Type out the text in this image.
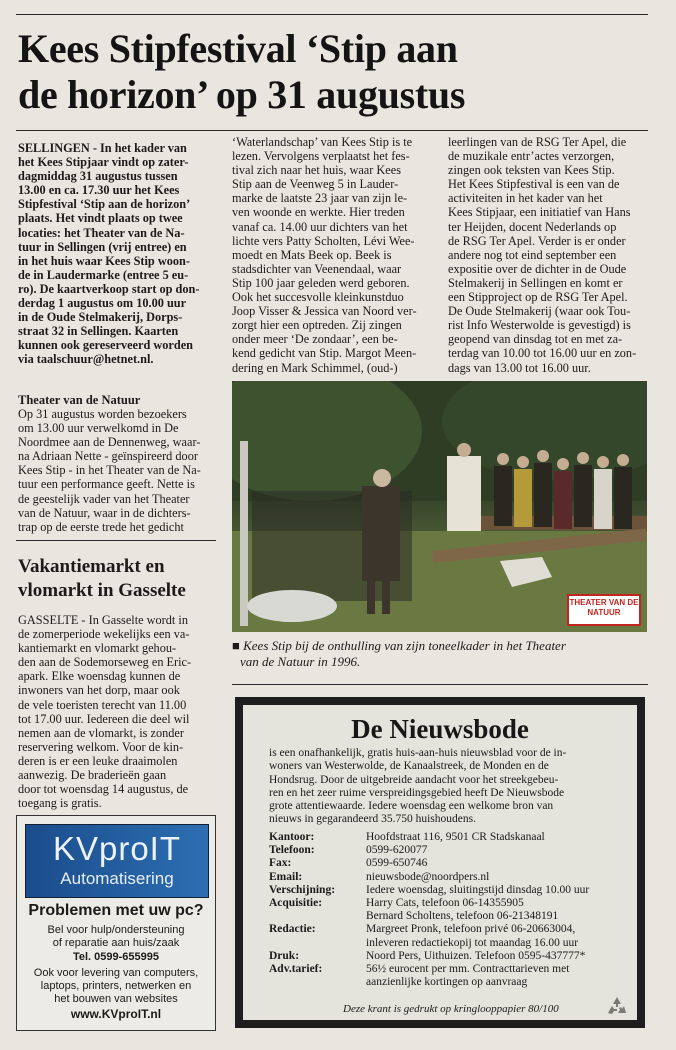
Kees Stipfestival ‘Stip aan
de horizon’ op 31 augustus
SELLINGEN - In het kader van
het Kees Stipjaar vindt op zater-
dagmiddag 31 augustus tussen
13.00 en ca. 17.30 uur het Kees
Stipfestival ‘Stip aan de horizon’
plaats. Het vindt plaats op twee
locaties: het Theater van de Na-
tuur in Sellingen (vrij entree) en
in het huis waar Kees Stip woon-
de in Laudermarke (entree 5 eu-
ro). De kaartverkoop start op don-
derdag 1 augustus om 10.00 uur
in de Oude Stelmakerij, Dorps-
straat 32 in Sellingen. Kaarten
kunnen ook gereserveerd worden
via taalschuur@hetnet.nl.
Theater van de Natuur
Op 31 augustus worden bezoekers
om 13.00 uur verwelkomd in De
Noordmee aan de Dennenweg, waar-
na Adriaan Nette - geïnspireerd door
Kees Stip - in het Theater van de Na-
tuur een performance geeft. Nette is
de geestelijk vader van het Theater
van de Natuur, waar in de dichters-
trap op de eerste trede het gedicht
Vakantiemarkt en
vlomarkt in Gasselte
GASSELTE - In Gasselte wordt in
de zomerperiode wekelijks een va-
kantiemarkt en vlomarkt gehou-
den aan de Sodemorseweg en Eric-
apark. Elke woensdag kunnen de
inwoners van het dorp, maar ook
de vele toeristen terecht van 11.00
tot 17.00 uur. Iedereen die deel wil
nemen aan de vlomarkt, is zonder
reservering welkom. Voor de kin-
deren is er een leuke draaimolen
aanwezig. De braderieën gaan
door tot woensdag 14 augustus, de
toegang is gratis.
‘Waterlandschap’ van Kees Stip is te
lezen. Vervolgens verplaatst het fes-
tival zich naar het huis, waar Kees
Stip aan de Veenweg 5 in Lauder-
marke de laatste 23 jaar van zijn le-
ven woonde en werkte. Hier treden
vanaf ca. 14.00 uur dichters van het
lichte vers Patty Scholten, Lévi Wee-
moedt en Mats Beek op. Beek is
stadsdichter van Veenendaal, waar
Stip 100 jaar geleden werd geboren.
Ook het succesvolle kleinkunstduo
Joop Visser & Jessica van Noord ver-
zorgt hier een optreden. Zij zingen
onder meer ‘De zondaar’, een be-
kend gedicht van Stip. Margot Meen-
dering en Mark Schimmel, (oud-)
leerlingen van de RSG Ter Apel, die
de muzikale entr’actes verzorgen,
zingen ook teksten van Kees Stip.
Het Kees Stipfestival is een van de
activiteiten in het kader van het
Kees Stipjaar, een initiatief van Hans
ter Heijden, docent Nederlands op
de RSG Ter Apel. Verder is er onder
andere nog tot eind september een
expositie over de dichter in de Oude
Stelmakerij in Sellingen en komt er
een Stipproject op de RSG Ter Apel.
De Oude Stelmakerij (waar ook Tou-
rist Info Westerwolde is gevestigd) is
geopend van dinsdag tot en met za-
terdag van 10.00 tot 16.00 uur en zon-
dags van 13.00 tot 16.00 uur.
THEATER VAN DE NATUUR
■ Kees Stip bij de onthulling van zijn toneelkader in het Theater
van de Natuur in 1996.
KVproIT
Automatisering
Problemen met uw pc?
Bel voor hulp/ondersteuning
of reparatie aan huis/zaak
Tel. 0599-655995
Ook voor levering van computers,
laptops, printers, netwerken en
het bouwen van websites
www.KVproIT.nl
De Nieuwsbode
is een onafhankelijk, gratis huis-aan-huis nieuwsblad voor de in-
woners van Westerwolde, de Kanaalstreek, de Monden en de
Hondsrug. Door de uitgebreide aandacht voor het streekgebeu-
ren en het zeer ruime verspreidingsgebied heeft De Nieuwsbode
grote attentiewaarde. Iedere woensdag een welkome bron van
nieuws in gegarandeerd 35.750 huishoudens.
Kantoor:	Hoofdstraat 116, 9501 CR Stadskanaal
Telefoon:	0599-620077
Fax:	0599-650746
Email:	nieuwsbode@noordpers.nl
Verschijning:	Iedere woensdag, sluitingstijd dinsdag 10.00 uur
Acquisitie:	Harry Cats, telefoon 06-14355905
Bernard Scholtens, telefoon 06-21348191
Redactie:	Margreet Pronk, telefoon privé 06-20663004,
inleveren redactiekopij tot maandag 16.00 uur
Druk:	Noord Pers, Uithuizen. Telefoon 0595-437777*
Adv.tarief:	56½ eurocent per mm. Contracttarieven met
aanzienlijke kortingen op aanvraag
Deze krant is gedrukt op kringlooppapier 80/100
